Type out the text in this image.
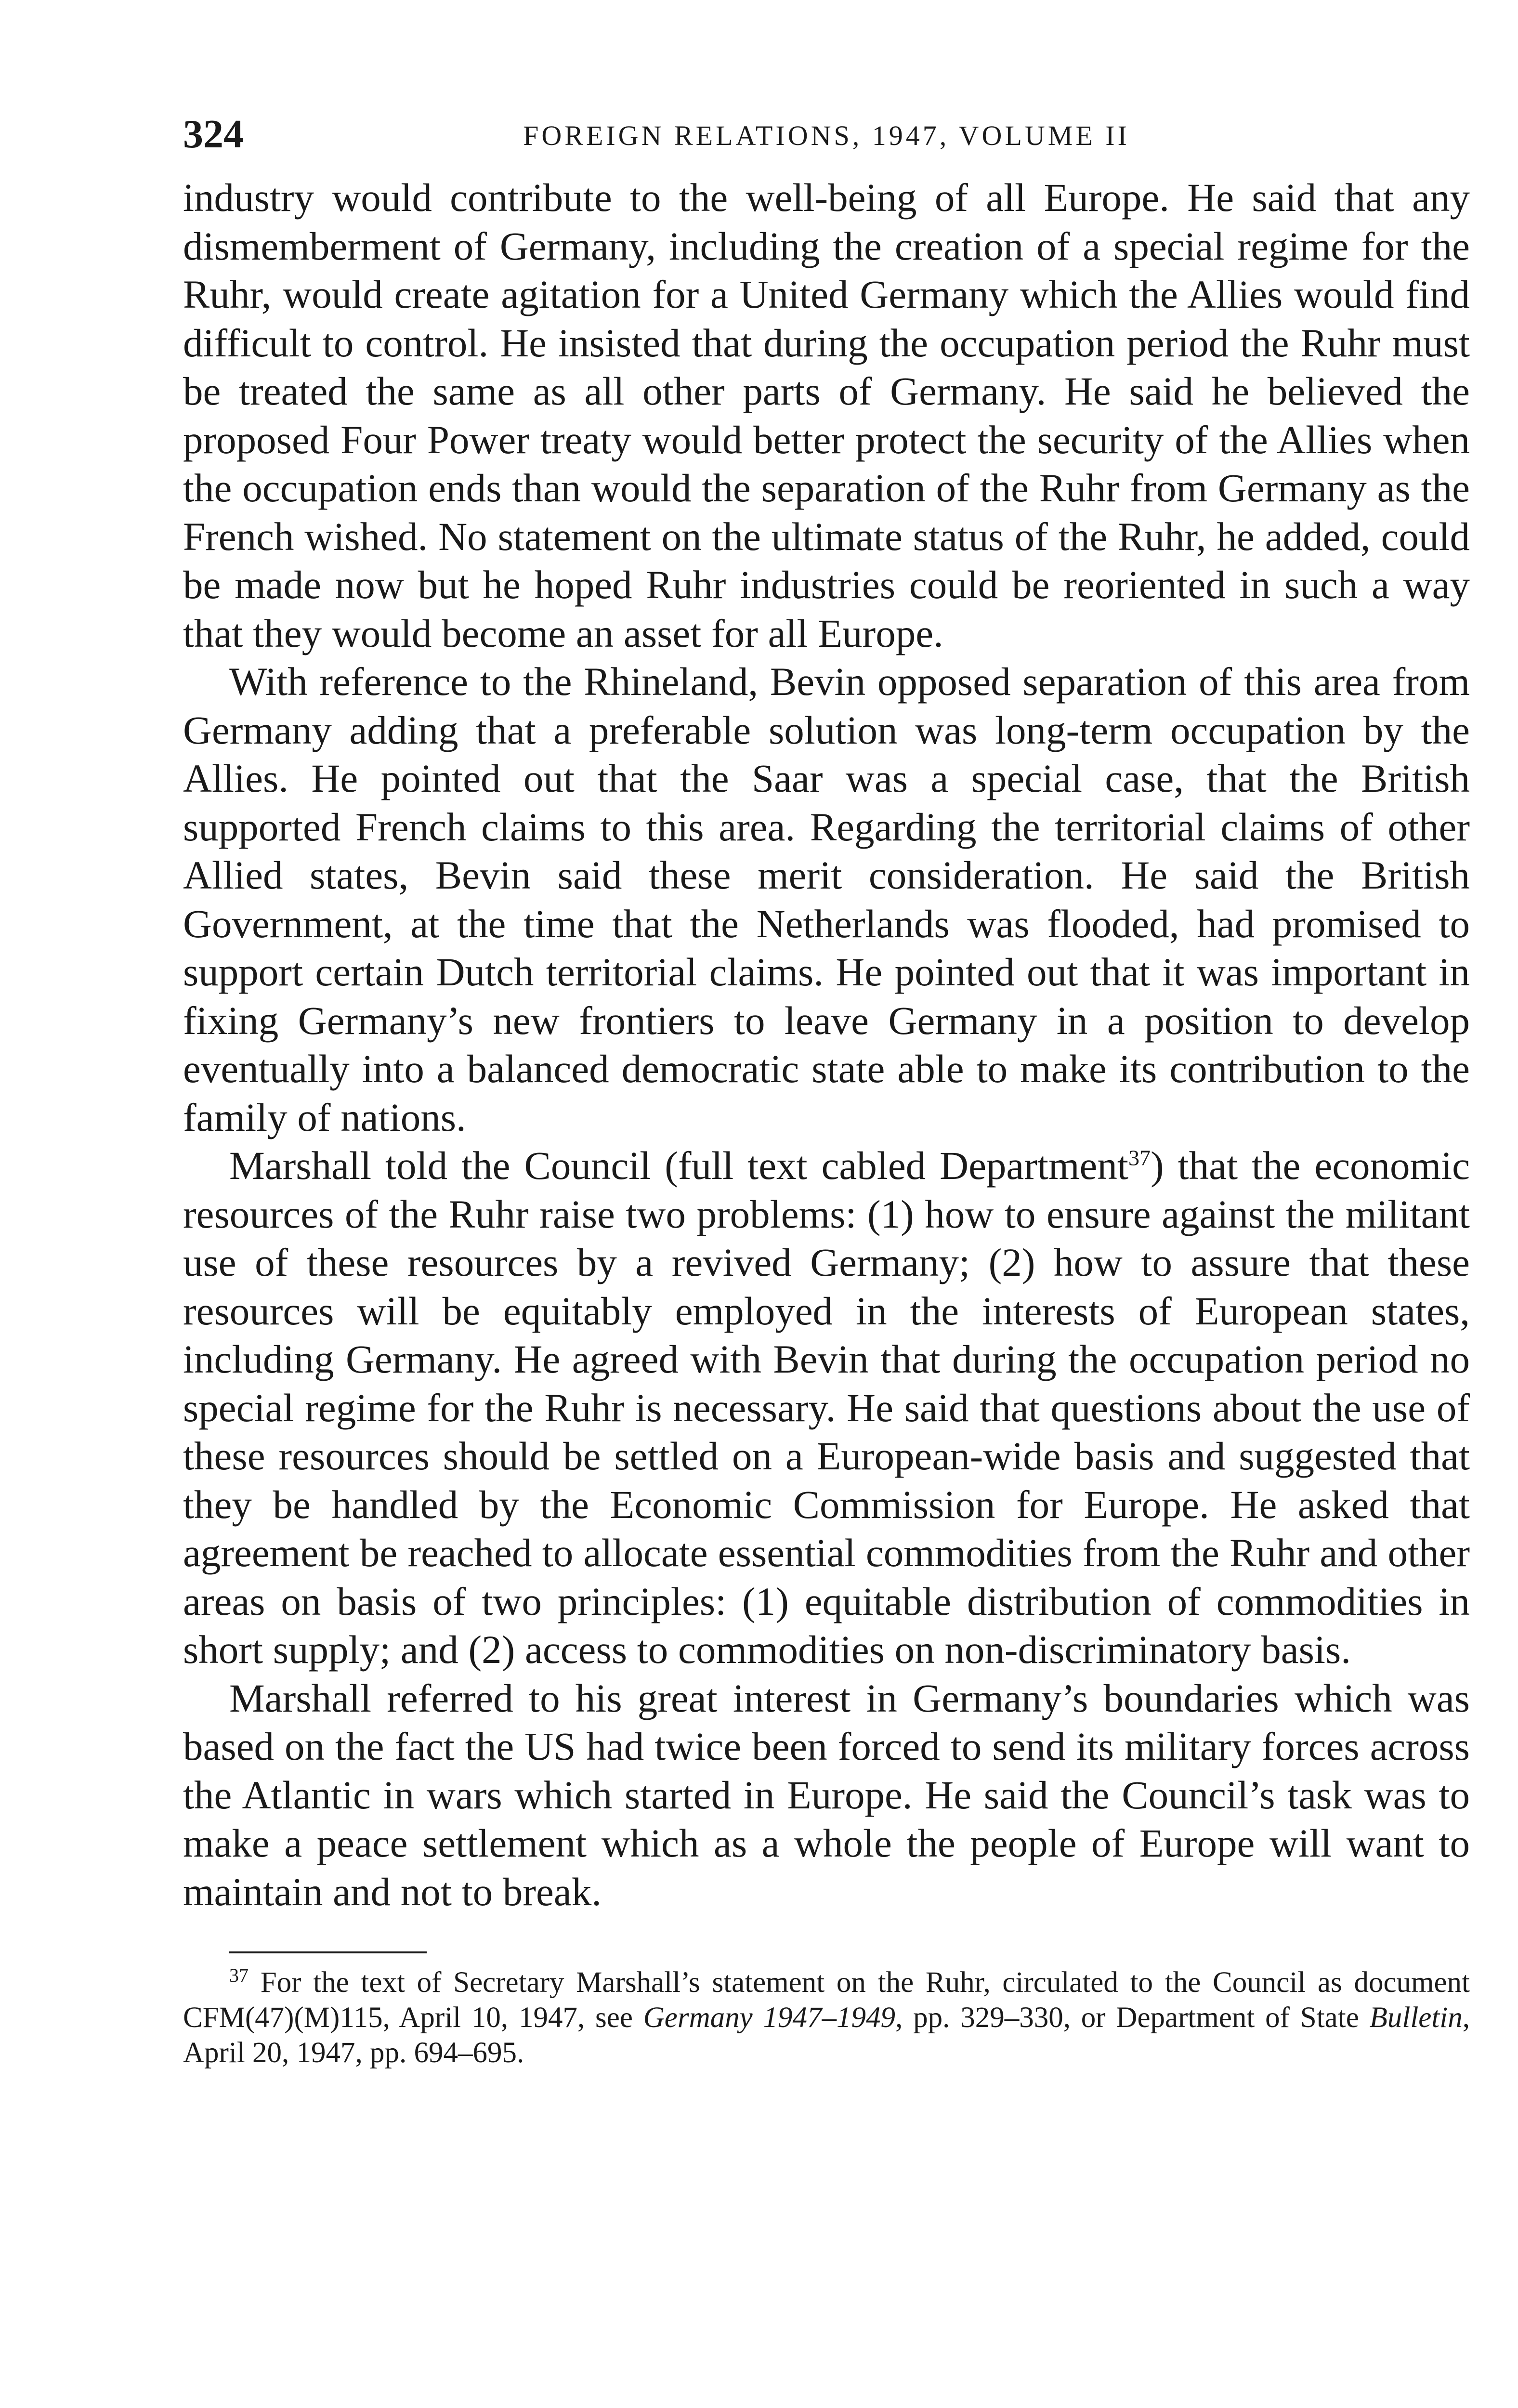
324	FOREIGN RELATIONS, 1947, VOLUME II

industry would contribute to the well-being of all Europe. He said that any dismemberment of Germany, including the creation of a special regime for the Ruhr, would create agitation for a United Germany which the Allies would find difficult to control. He insisted that during the occupation period the Ruhr must be treated the same as all other parts of Germany. He said he believed the proposed Four Power treaty would better protect the security of the Allies when the occupation ends than would the separation of the Ruhr from Germany as the French wished. No statement on the ultimate status of the Ruhr, he added, could be made now but he hoped Ruhr industries could be reoriented in such a way that they would become an asset for all Europe.

With reference to the Rhineland, Bevin opposed separation of this area from Germany adding that a preferable solution was long-term occupation by the Allies. He pointed out that the Saar was a special case, that the British supported French claims to this area. Regarding the territorial claims of other Allied states, Bevin said these merit consideration. He said the British Government, at the time that the Netherlands was flooded, had promised to support certain Dutch territorial claims. He pointed out that it was important in fixing Germany’s new frontiers to leave Germany in a position to develop eventually into a balanced democratic state able to make its contribution to the family of nations.

Marshall told the Council (full text cabled Department$^{37}$) that the economic resources of the Ruhr raise two problems: (1) how to ensure against the militant use of these resources by a revived Germany; (2) how to assure that these resources will be equitably employed in the interests of European states, including Germany. He agreed with Bevin that during the occupation period no special regime for the Ruhr is necessary. He said that questions about the use of these resources should be settled on a European-wide basis and suggested that they be handled by the Economic Commission for Europe. He asked that agreement be reached to allocate essential commodities from the Ruhr and other areas on basis of two principles: (1) equitable distribution of commodities in short supply; and (2) access to commodities on non-discriminatory basis.

Marshall referred to his great interest in Germany’s boundaries which was based on the fact the US had twice been forced to send its military forces across the Atlantic in wars which started in Europe. He said the Council’s task was to make a peace settlement which as a whole the people of Europe will want to maintain and not to break.

$^{37}$ For the text of Secretary Marshall’s statement on the Ruhr, circulated to the Council as document CFM(47)(M)115, April 10, 1947, see Germany 1947–1949, pp. 329–330, or Department of State Bulletin, April 20, 1947, pp. 694–695.
